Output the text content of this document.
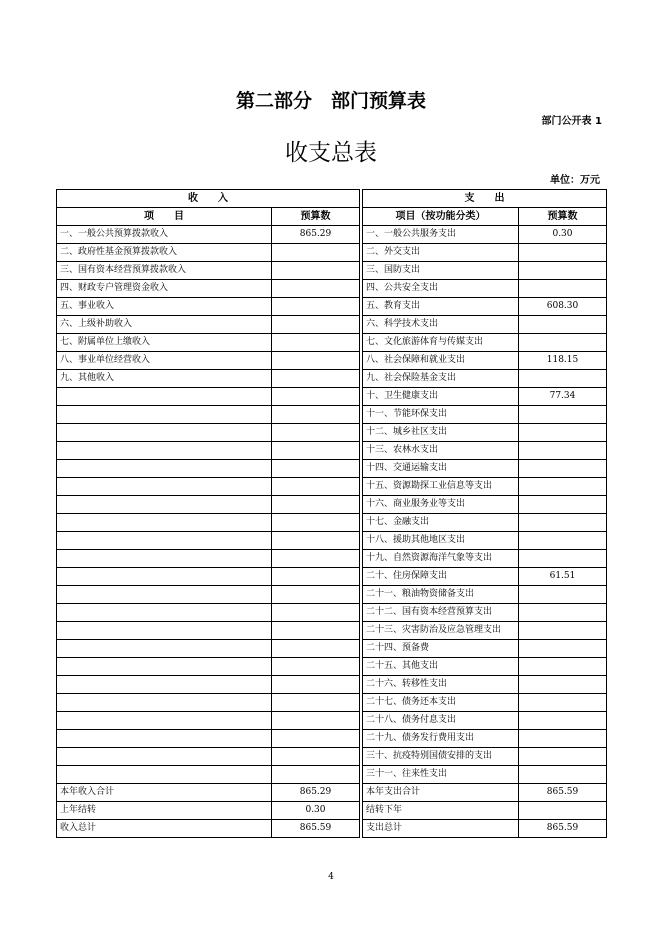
第二部分　部门预算表
部门公开表 1
收支总表
单位：万元
收　　入			支　　出	
项　　目	预算数		项目（按功能分类）	预算数
一、一般公共预算拨款收入	865.29		一、一般公共服务支出	0.30
二、政府性基金预算拨款收入			二、外交支出	
三、国有资本经营预算拨款收入			三、国防支出	
四、财政专户管理资金收入			四、公共安全支出	
五、事业收入			五、教育支出	608.30
六、上级补助收入			六、科学技术支出	
七、附属单位上缴收入			七、文化旅游体育与传媒支出	
八、事业单位经营收入			八、社会保障和就业支出	118.15
九、其他收入			九、社会保险基金支出	
			十、卫生健康支出	77.34
			十一、节能环保支出	
			十二、城乡社区支出	
			十三、农林水支出	
			十四、交通运输支出	
			十五、资源勘探工业信息等支出	
			十六、商业服务业等支出	
			十七、金融支出	
			十八、援助其他地区支出	
			十九、自然资源海洋气象等支出	
			二十、住房保障支出	61.51
			二十一、粮油物资储备支出	
			二十二、国有资本经营预算支出	
			二十三、灾害防治及应急管理支出	
			二十四、预备费	
			二十五、其他支出	
			二十六、转移性支出	
			二十七、债务还本支出	
			二十八、债务付息支出	
			二十九、债务发行费用支出	
			三十、抗疫特别国债安排的支出	
			三十一、往来性支出	
本年收入合计	865.29		本年支出合计	865.59
上年结转	0.30		结转下年	
收入总计	865.59		支出总计	865.59
4
